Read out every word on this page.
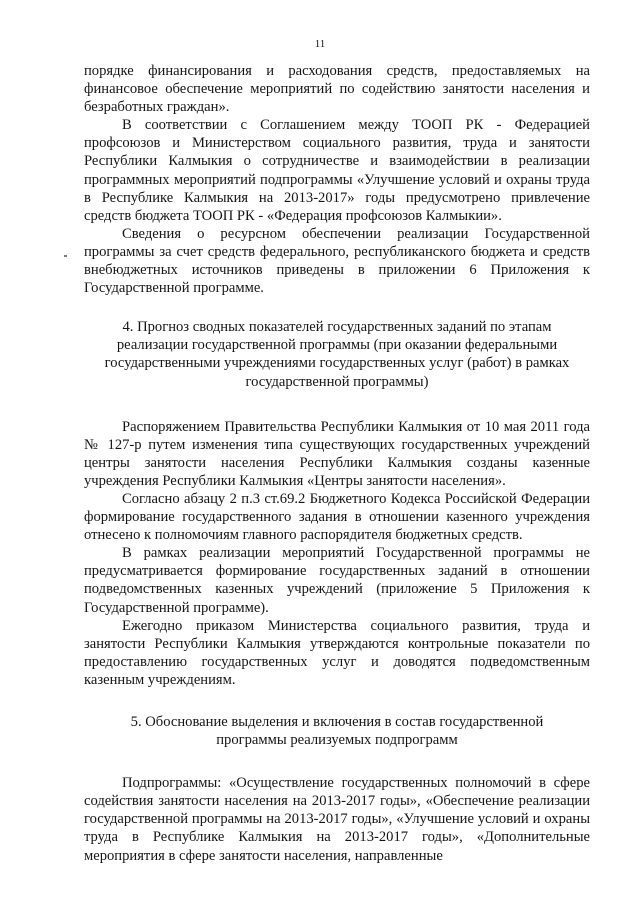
11

порядке финансирования и расходования средств, предоставляемых на финансовое обеспечение мероприятий по содействию занятости населения и безработных граждан».

В соответствии с Соглашением между ТООП РК - Федерацией профсоюзов и Министерством социального развития, труда и занятости Республики Калмыкия о сотрудничестве и взаимодействии в реализации программных мероприятий подпрограммы «Улучшение условий и охраны труда в Республике Калмыкия на 2013-2017» годы предусмотрено привлечение средств бюджета ТООП РК - «Федерация профсоюзов Калмыкии».

Сведения о ресурсном обеспечении реализации Государственной программы за счет средств федерального, республиканского бюджета и средств внебюджетных источников приведены в приложении 6 Приложения к Государственной программе.

4. Прогноз сводных показателей государственных заданий по этапам реализации государственной программы (при оказании федеральными государственными учреждениями государственных услуг (работ) в рамках государственной программы)

Распоряжением Правительства Республики Калмыкия от 10 мая 2011 года № 127-р путем изменения типа существующих государственных учреждений центры занятости населения Республики Калмыкия созданы казенные учреждения Республики Калмыкия «Центры занятости населения».

Согласно абзацу 2 п.3 ст.69.2 Бюджетного Кодекса Российской Федерации формирование государственного задания в отношении казенного учреждения отнесено к полномочиям главного распорядителя бюджетных средств.

В рамках реализации мероприятий Государственной программы не предусматривается формирование государственных заданий в отношении подведомственных казенных учреждений (приложение 5 Приложения к Государственной программе).

Ежегодно приказом Министерства социального развития, труда и занятости Республики Калмыкия утверждаются контрольные показатели по предоставлению государственных услуг и доводятся подведомственным казенным учреждениям.

5. Обоснование выделения и включения в состав государственной программы реализуемых подпрограмм

Подпрограммы: «Осуществление государственных полномочий в сфере содействия занятости населения на 2013-2017 годы», «Обеспечение реализации государственной программы на 2013-2017 годы», «Улучшение условий и охраны труда в Республике Калмыкия на 2013-2017 годы», «Дополнительные мероприятия в сфере занятости населения, направленные
